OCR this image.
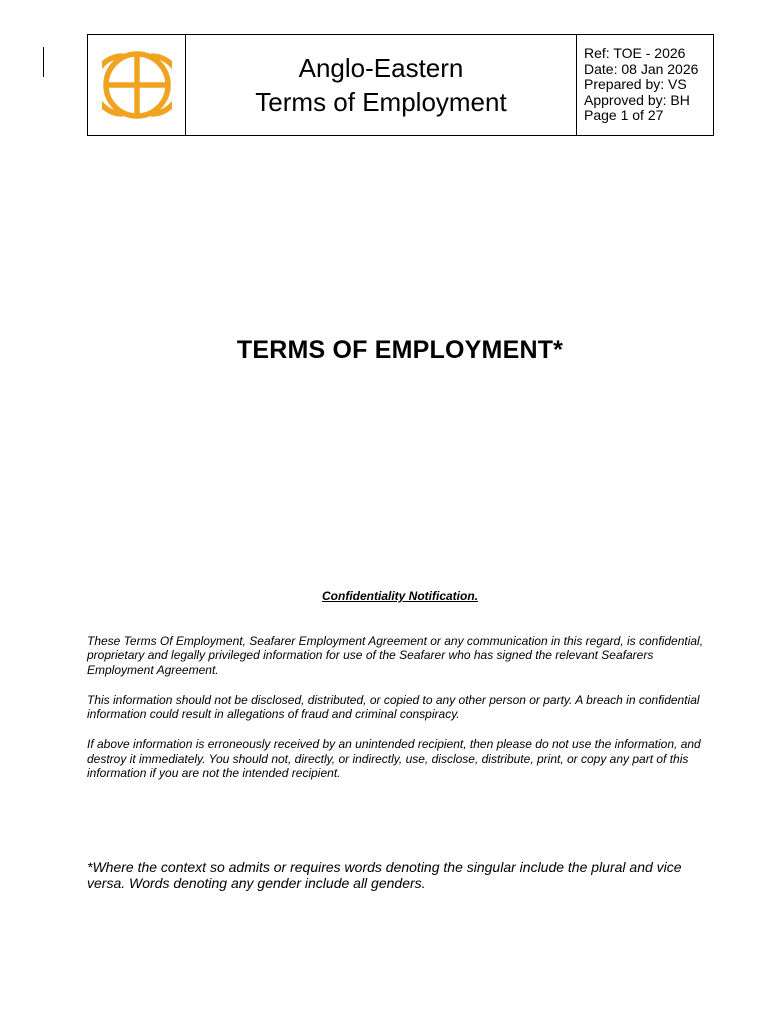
Anglo-Eastern
Terms of Employment
Ref: TOE - 2026
Date: 08 Jan 2026
Prepared by: VS
Approved by: BH
Page 1 of 27
TERMS OF EMPLOYMENT*
Confidentiality Notification.

These Terms Of Employment, Seafarer Employment Agreement or any communication in this regard, is confidential, proprietary and legally privileged information for use of the Seafarer who has signed the relevant Seafarers Employment Agreement.

This information should not be disclosed, distributed, or copied to any other person or party. A breach in confidential information could result in allegations of fraud and criminal conspiracy.

If above information is erroneously received by an unintended recipient, then please do not use the information, and destroy it immediately. You should not, directly, or indirectly, use, disclose, distribute, print, or copy any part of this information if you are not the intended recipient.

*Where the context so admits or requires words denoting the singular include the plural and vice versa. Words denoting any gender include all genders.
